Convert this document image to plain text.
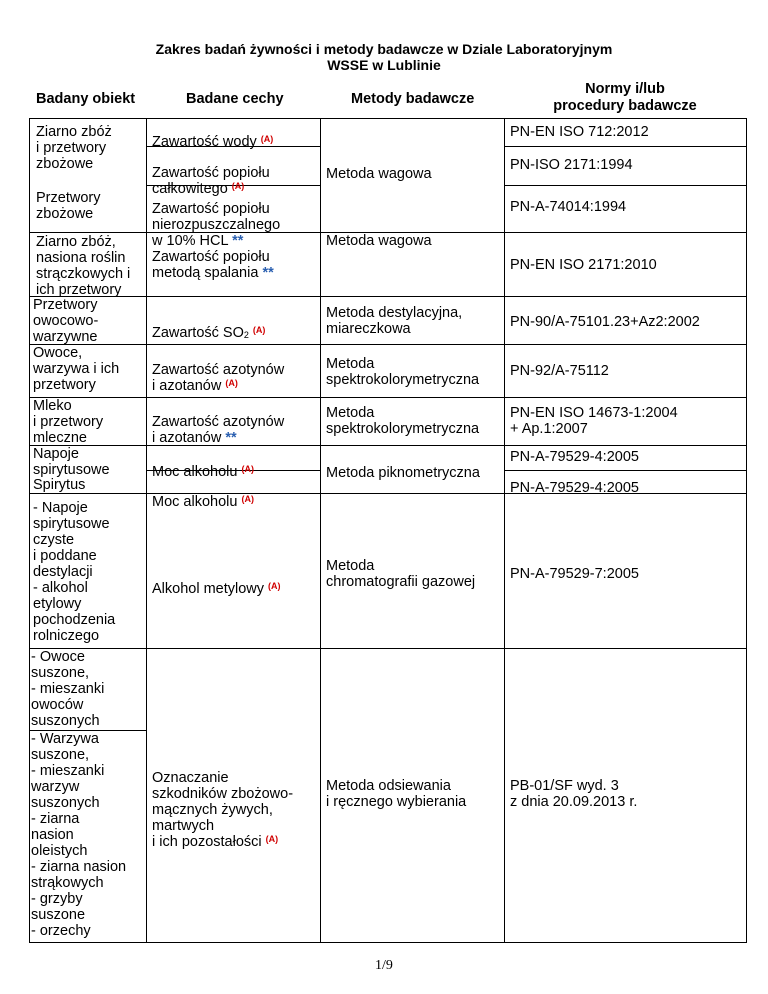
Zakres badań żywności i metody badawcze w Dziale Laboratoryjnym
WSSE w Lublinie
Badany obiekt	Badane cechy	Metody badawcze
Normy i/lub
procedury badawcze
Ziarno zbóż
i przetwory
zbożowe
Przetwory
zbożowe
Ziarno zbóż,
nasiona roślin
strączkowych i
ich przetwory
Przetwory
owocowo-
warzywne
Owoce,
warzywa i ich
przetwory
Mleko
i przetwory
mleczne
Napoje
spirytusowe
Spirytus
- Napoje
spirytusowe
czyste
i poddane
destylacji
- alkohol
etylowy
pochodzenia
rolniczego
- Owoce
suszone,
- mieszanki
owoców
suszonych
- Warzywa
suszone,
- mieszanki
warzyw
suszonych
- ziarna
nasion
oleistych
- ziarna nasion
strąkowych
- grzyby
suszone
- orzechy

Zawartość wody $^{(A)}$

Zawartość popiołu
całkowitego $^{(A)}$

Zawartość popiołu
nierozpuszczalnego
w 10% HCL **

Zawartość popiołu
metodą spalania **

Zawartość SO2 $^{(A)}$

Zawartość azotynów
i azotanów $^{(A)}$

Zawartość azotynów
i azotanów **

Moc alkoholu $^{(A)}$

Moc alkoholu $^{(A)}$

Alkohol metylowy $^{(A)}$

Oznaczanie
szkodników zbożowo-
mącznych żywych,
martwych
i ich pozostałości $^{(A)}$

Metoda wagowa
Metoda wagowa
Metoda destylacyjna,
miareczkowa
Metoda
spektrokolorymetryczna
Metoda
spektrokolorymetryczna
Metoda piknometryczna
Metoda
chromatografii gazowej
Metoda odsiewania
i ręcznego wybierania
PN-EN ISO 712:2012
PN-ISO 2171:1994
PN-A-74014:1994
PN-EN ISO 2171:2010
PN-90/A-75101.23+Az2:2002
PN-92/A-75112
PN-EN ISO 14673-1:2004
+ Ap.1:2007
PN-A-79529-4:2005
PN-A-79529-4:2005
PN-A-79529-7:2005
PB-01/SF wyd. 3
z dnia 20.09.2013 r.
1/9
